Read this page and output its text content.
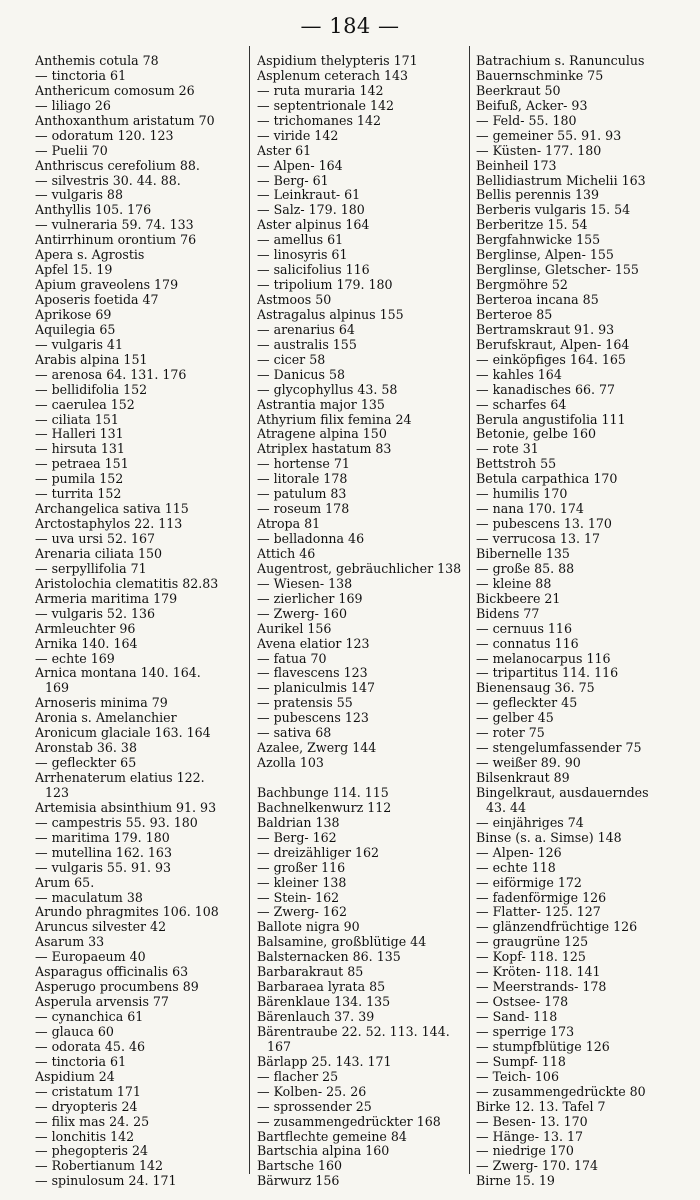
— 184 —
Anthemis cotula 78
— tinctoria 61
Anthericum comosum 26
— liliago 26
Anthoxanthum aristatum 70
— odoratum 120. 123
— Puelii 70
Anthriscus cerefolium 88.
— silvestris 30. 44. 88.
— vulgaris 88
Anthyllis 105. 176
— vulneraria 59. 74. 133
Antirrhinum orontium 76
Apera s. Agrostis
Apfel 15. 19
Apium graveolens 179
Aposeris foetida 47
Aprikose 69
Aquilegia 65
— vulgaris 41
Arabis alpina 151
— arenosa 64. 131. 176
— bellidifolia 152
— caerulea 152
— ciliata 151
— Halleri 131
— hirsuta 131
— petraea 151
— pumila 152
— turrita 152
Archangelica sativa 115
Arctostaphylos 22. 113
— uva ursi 52. 167
Arenaria ciliata 150
— serpyllifolia 71
Aristolochia clematitis 82.83
Armeria maritima 179
— vulgaris 52. 136
Armleuchter 96
Arnika 140. 164
— echte 169
Arnica montana 140. 164.
169
Arnoseris minima 79
Aronia s. Amelanchier
Aronicum glaciale 163. 164
Aronstab 36. 38
— gefleckter 65
Arrhenaterum elatius 122.
123
Artemisia absinthium 91. 93
— campestris 55. 93. 180
— maritima 179. 180
— mutellina 162. 163
— vulgaris 55. 91. 93
Arum 65.
— maculatum 38
Arundo phragmites 106. 108
Aruncus silvester 42
Asarum 33
— Europaeum 40
Asparagus officinalis 63
Asperugo procumbens 89
Asperula arvensis 77
— cynanchica 61
— glauca 60
— odorata 45. 46
— tinctoria 61
Aspidium 24
— cristatum 171
— dryopteris 24
— filix mas 24. 25
— lonchitis 142
— phegopteris 24
— Robertianum 142
— spinulosum 24. 171
Aspidium thelypteris 171
Asplenum ceterach 143
— ruta muraria 142
— septentrionale 142
— trichomanes 142
— viride 142
Aster 61
— Alpen- 164
— Berg- 61
— Leinkraut- 61
— Salz- 179. 180
Aster alpinus 164
— amellus 61
— linosyris 61
— salicifolius 116
— tripolium 179. 180
Astmoos 50
Astragalus alpinus 155
— arenarius 64
— australis 155
— cicer 58
— Danicus 58
— glycophyllus 43. 58
Astrantia major 135
Athyrium filix femina 24
Atragene alpina 150
Atriplex hastatum 83
— hortense 71
— litorale 178
— patulum 83
— roseum 178
Atropa 81
— belladonna 46
Attich 46
Augentrost, gebräuchlicher 138
— Wiesen- 138
— zierlicher 169
— Zwerg- 160
Aurikel 156
Avena elatior 123
— fatua 70
— flavescens 123
— planiculmis 147
— pratensis 55
— pubescens 123
— sativa 68
Azalee, Zwerg 144
Azolla 103
Bachbunge 114. 115
Bachnelkenwurz 112
Baldrian 138
— Berg- 162
— dreizähliger 162
— großer 116
— kleiner 138
— Stein- 162
— Zwerg- 162
Ballote nigra 90
Balsamine, großblütige 44
Balsternacken 86. 135
Barbarakraut 85
Barbaraea lyrata 85
Bärenklaue 134. 135
Bärenlauch 37. 39
Bärentraube 22. 52. 113. 144.
167
Bärlapp 25. 143. 171
— flacher 25
— Kolben- 25. 26
— sprossender 25
— zusammengedrückter 168
Bartflechte gemeine 84
Bartschia alpina 160
Bartsche 160
Bärwurz 156
Batrachium s. Ranunculus
Bauernschminke 75
Beerkraut 50
Beifuß, Acker- 93
— Feld- 55. 180
— gemeiner 55. 91. 93
— Küsten- 177. 180
Beinheil 173
Bellidiastrum Michelii 163
Bellis perennis 139
Berberis vulgaris 15. 54
Berberitze 15. 54
Bergfahnwicke 155
Berglinse, Alpen- 155
Berglinse, Gletscher- 155
Bergmöhre 52
Berteroa incana 85
Berteroe 85
Bertramskraut 91. 93
Berufskraut, Alpen- 164
— einköpfiges 164. 165
— kahles 164
— kanadisches 66. 77
— scharfes 64
Berula angustifolia 111
Betonie, gelbe 160
— rote 31
Bettstroh 55
Betula carpathica 170
— humilis 170
— nana 170. 174
— pubescens 13. 170
— verrucosa 13. 17
Bibernelle 135
— große 85. 88
— kleine 88
Bickbeere 21
Bidens 77
— cernuus 116
— connatus 116
— melanocarpus 116
— tripartitus 114. 116
Bienensaug 36. 75
— gefleckter 45
— gelber 45
— roter 75
— stengelumfassender 75
— weißer 89. 90
Bilsenkraut 89
Bingelkraut, ausdauerndes
43. 44
— einjähriges 74
Binse (s. a. Simse) 148
— Alpen- 126
— echte 118
— eiförmige 172
— fadenförmige 126
— Flatter- 125. 127
— glänzendfrüchtige 126
— graugrüne 125
— Kopf- 118. 125
— Kröten- 118. 141
— Meerstrands- 178
— Ostsee- 178
— Sand- 118
— sperrige 173
— stumpfblütige 126
— Sumpf- 118
— Teich- 106
— zusammengedrückte 80
Birke 12. 13. Tafel 7
— Besen- 13. 170
— Hänge- 13. 17
— niedrige 170
— Zwerg- 170. 174
Birne 15. 19
